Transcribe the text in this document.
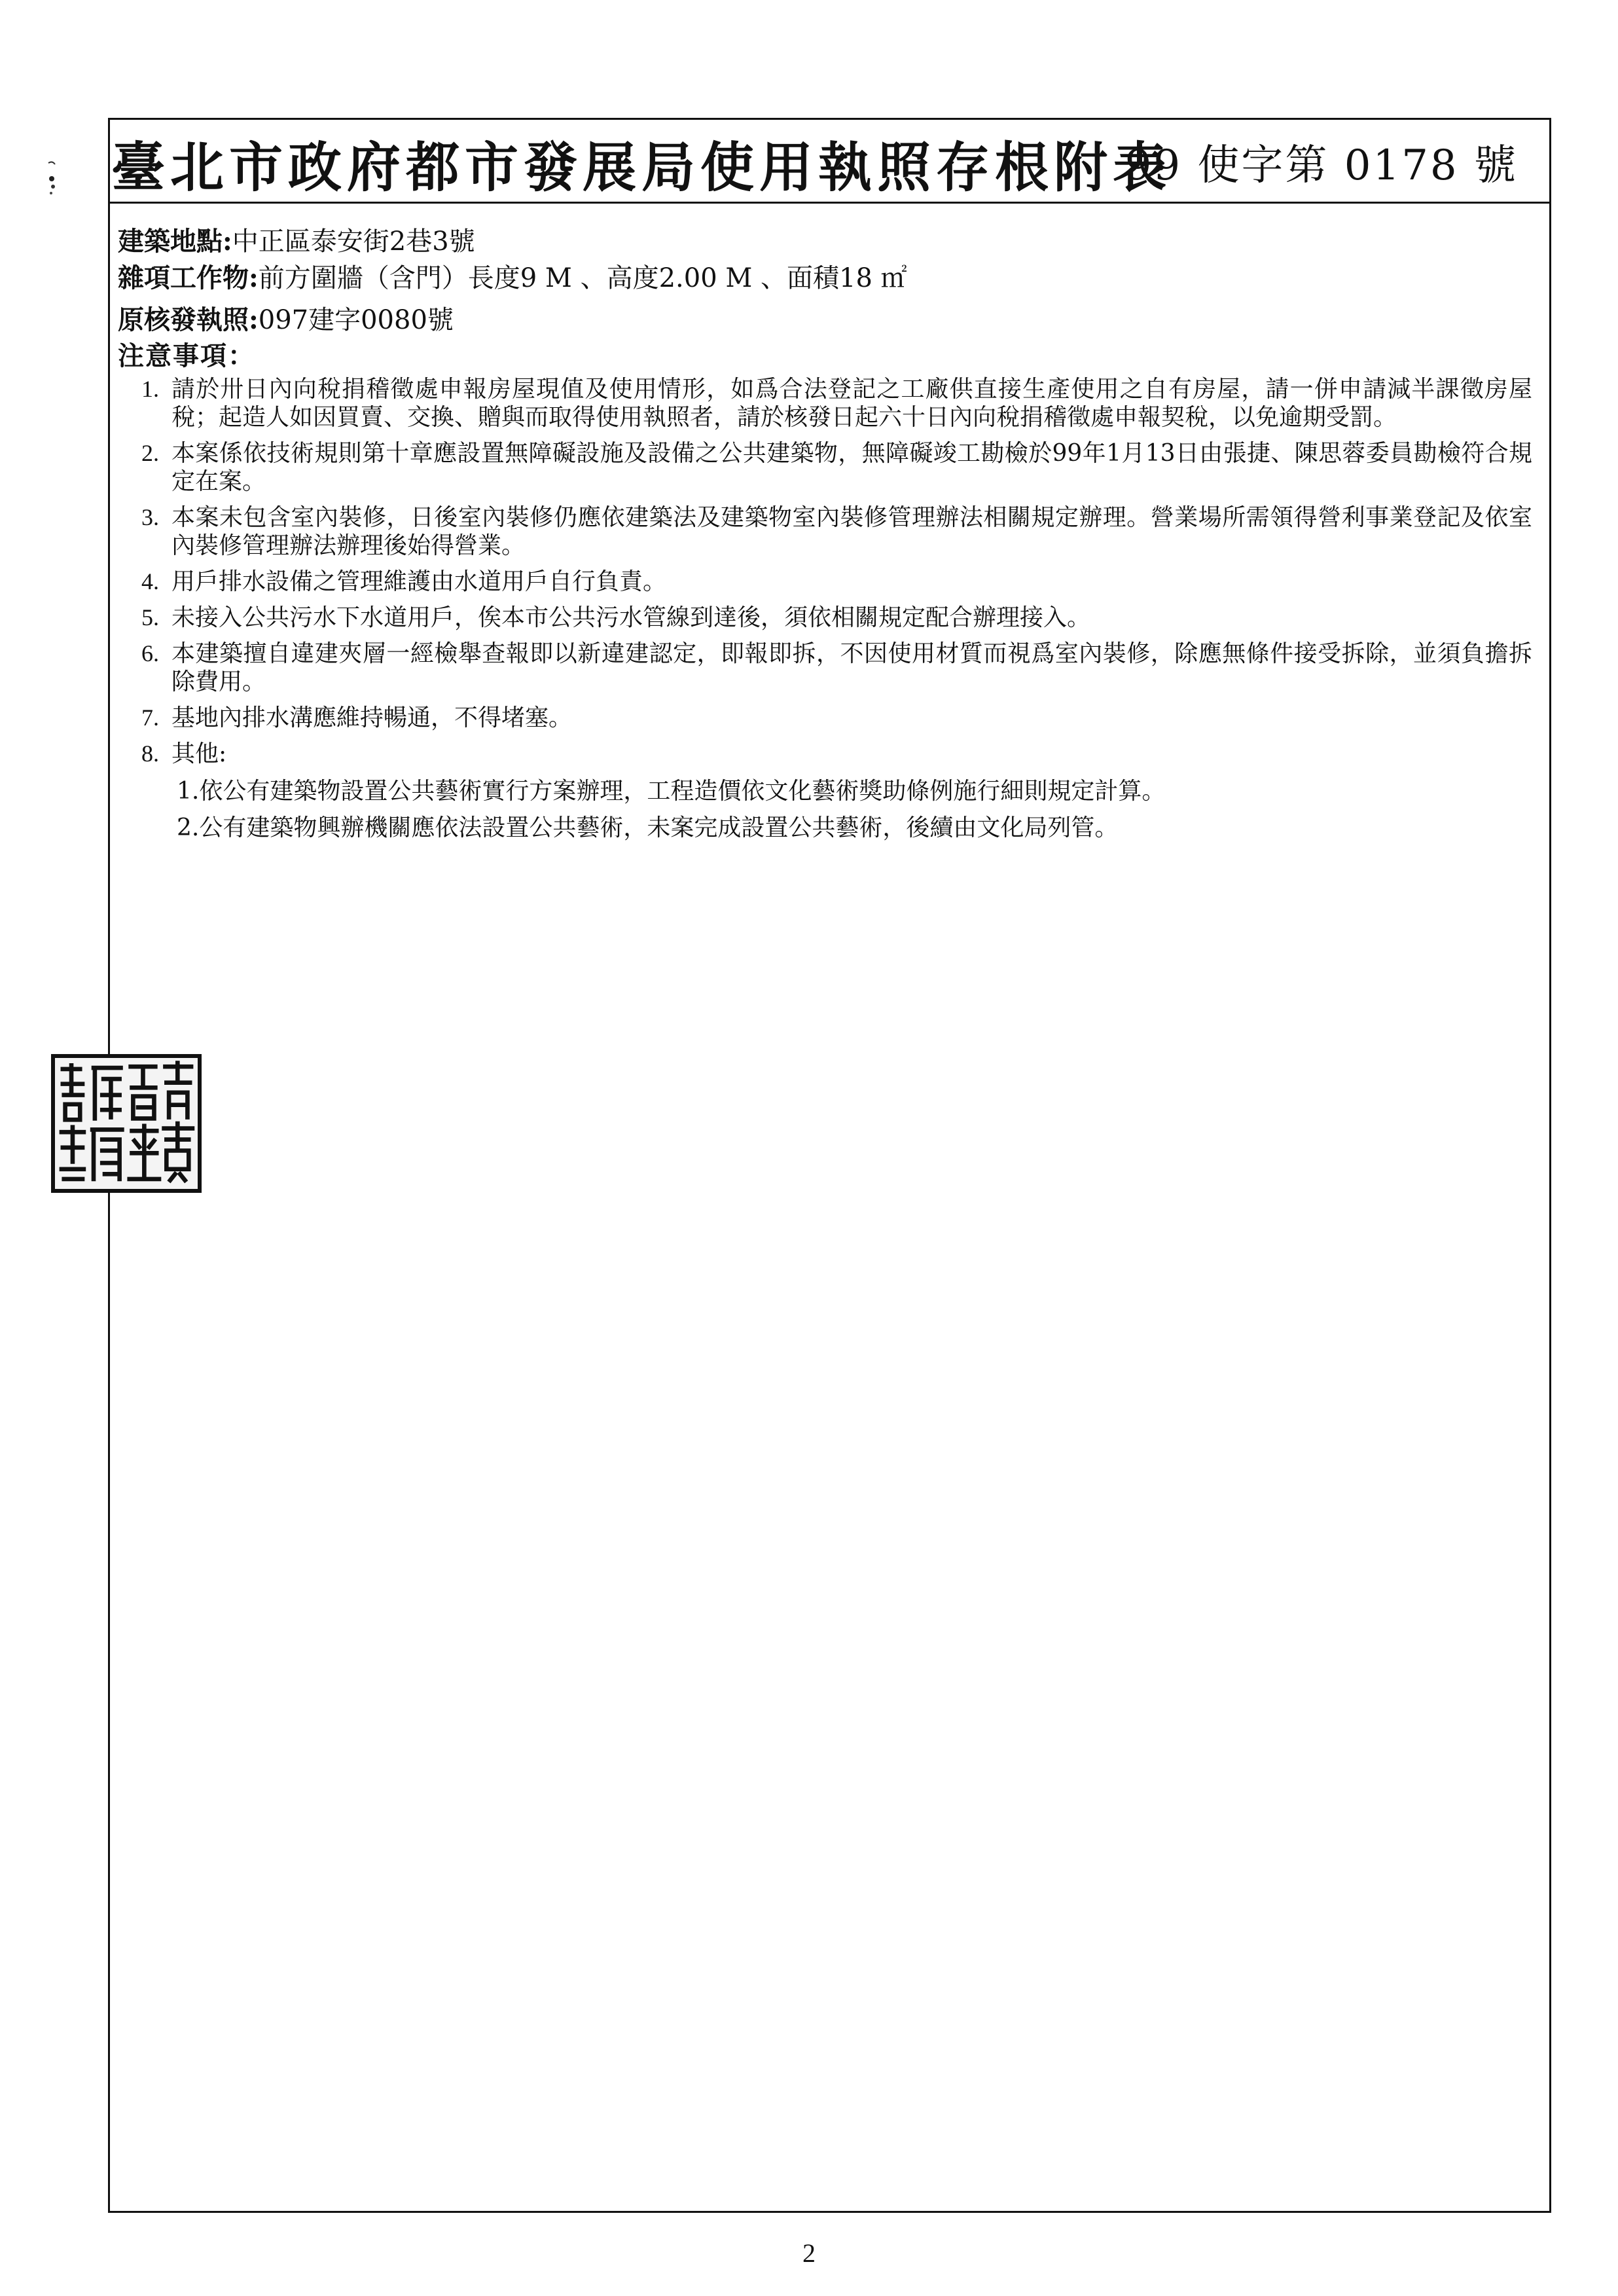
臺北市政府都市發展局使用執照存根附表
99 使字第 0178 號
建築地點: 中正區泰安街2巷3號
雜項工作物: 前方圍牆（含門）長度9 M 、高度2.00 M 、面積18 ㎡
原核發執照: 097建字0080號
注意事項：
1. 請於卅日內向稅捐稽徵處申報房屋現值及使用情形，如爲合法登記之工廠供直接生產使用之自有房屋，請一併申請減半課徵房屋稅；起造人如因買賣、交換、贈與而取得使用執照者，請於核發日起六十日內向稅捐稽徵處申報契稅，以免逾期受罰。
2. 本案係依技術規則第十章應設置無障礙設施及設備之公共建築物，無障礙竣工勘檢於99年1月13日由張捷、陳思蓉委員勘檢符合規定在案。
3. 本案未包含室內裝修，日後室內裝修仍應依建築法及建築物室內裝修管理辦法相關規定辦理。營業場所需領得營利事業登記及依室內裝修管理辦法辦理後始得營業。
4. 用戶排水設備之管理維護由水道用戶自行負責。
5. 未接入公共污水下水道用戶，俟本市公共污水管線到達後，須依相關規定配合辦理接入。
6. 本建築擅自違建夾層一經檢舉查報即以新違建認定，即報即拆，不因使用材質而視爲室內裝修，除應無條件接受拆除，並須負擔拆除費用。
7. 基地內排水溝應維持暢通，不得堵塞。
8. 其他:
1.依公有建築物設置公共藝術實行方案辦理，工程造價依文化藝術獎助條例施行細則規定計算。
2.公有建築物興辦機關應依法設置公共藝術，未案完成設置公共藝術，後續由文化局列管。
2
